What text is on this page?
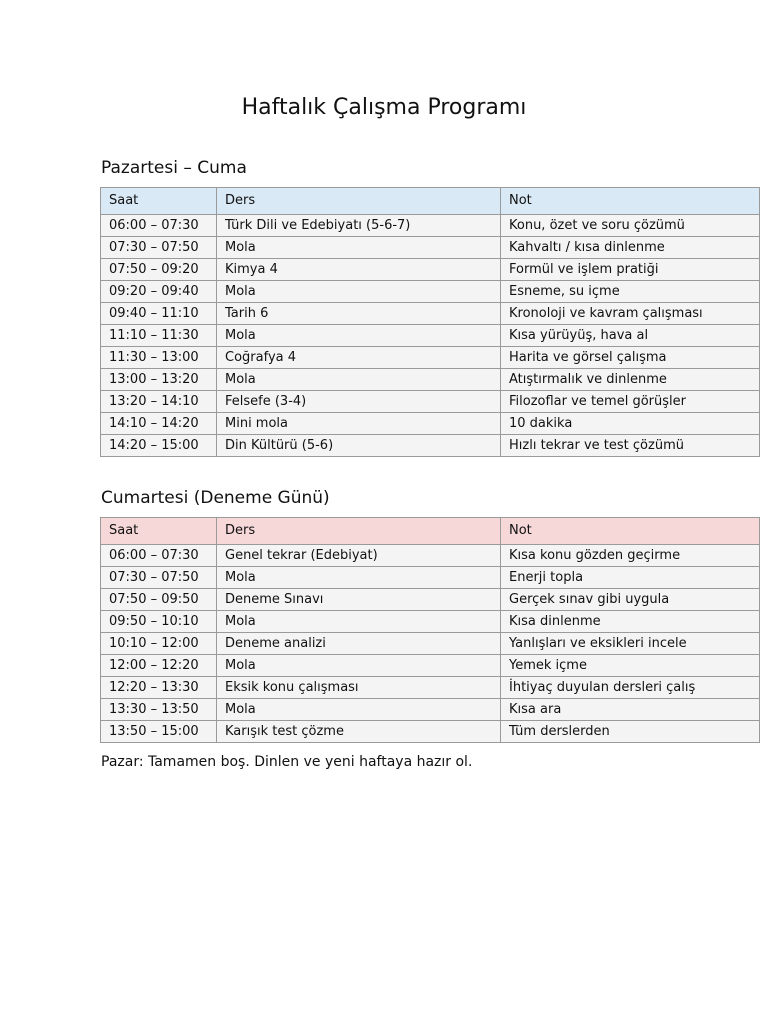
Haftalık Çalışma Programı
Pazartesi – Cuma
Saat	Ders	Not
06:00 – 07:30	Türk Dili ve Edebiyatı (5-6-7)	Konu, özet ve soru çözümü
07:30 – 07:50	Mola	Kahvaltı / kısa dinlenme
07:50 – 09:20	Kimya 4	Formül ve işlem pratiği
09:20 – 09:40	Mola	Esneme, su içme
09:40 – 11:10	Tarih 6	Kronoloji ve kavram çalışması
11:10 – 11:30	Mola	Kısa yürüyüş, hava al
11:30 – 13:00	Coğrafya 4	Harita ve görsel çalışma
13:00 – 13:20	Mola	Atıştırmalık ve dinlenme
13:20 – 14:10	Felsefe (3-4)	Filozoflar ve temel görüşler
14:10 – 14:20	Mini mola	10 dakika
14:20 – 15:00	Din Kültürü (5-6)	Hızlı tekrar ve test çözümü
Cumartesi (Deneme Günü)
Saat	Ders	Not
06:00 – 07:30	Genel tekrar (Edebiyat)	Kısa konu gözden geçirme
07:30 – 07:50	Mola	Enerji topla
07:50 – 09:50	Deneme Sınavı	Gerçek sınav gibi uygula
09:50 – 10:10	Mola	Kısa dinlenme
10:10 – 12:00	Deneme analizi	Yanlışları ve eksikleri incele
12:00 – 12:20	Mola	Yemek içme
12:20 – 13:30	Eksik konu çalışması	İhtiyaç duyulan dersleri çalış
13:30 – 13:50	Mola	Kısa ara
13:50 – 15:00	Karışık test çözme	Tüm derslerden

Pazar: Tamamen boş. Dinlen ve yeni haftaya hazır ol.
